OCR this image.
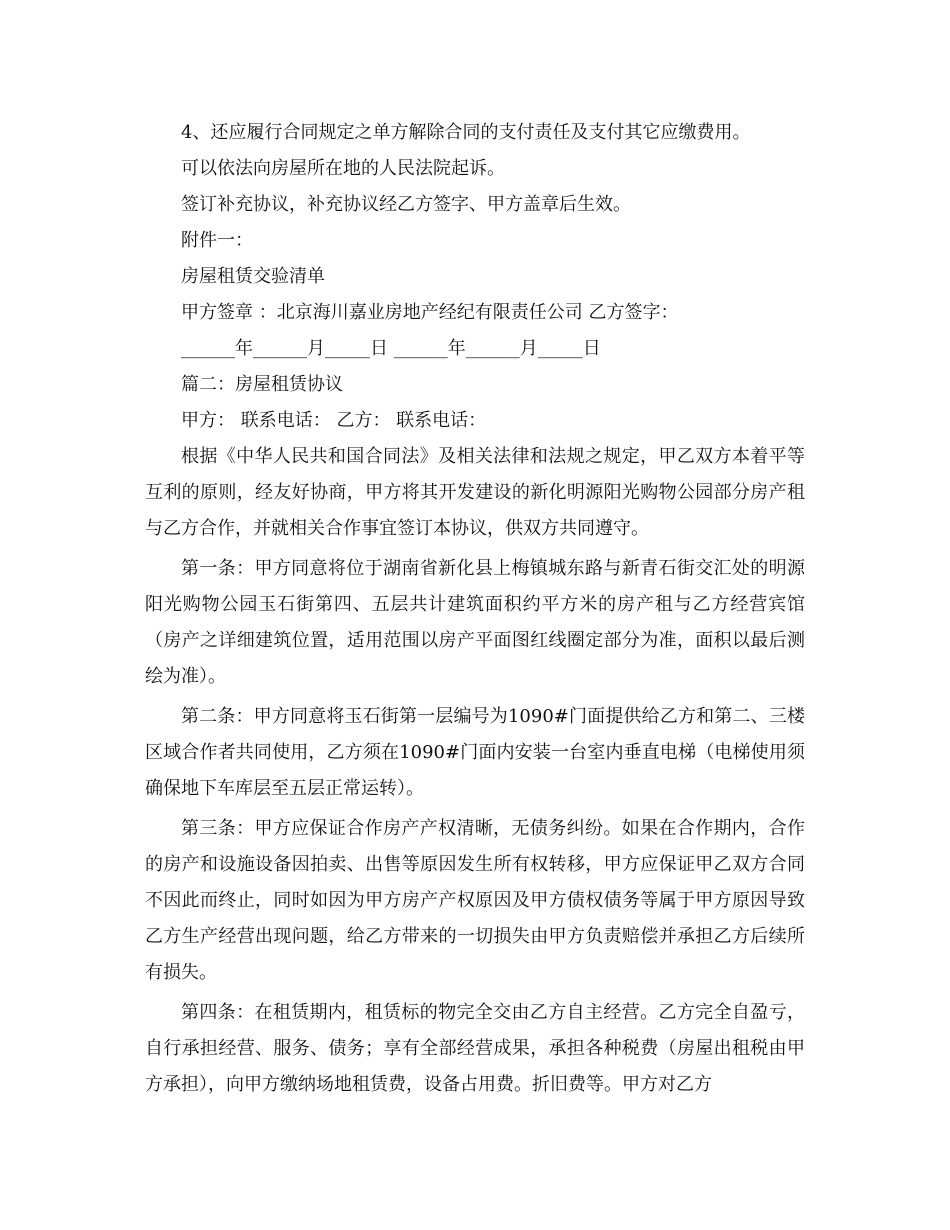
4、还应履行合同规定之单方解除合同的支付责任及支付其它应缴费用。
可以依法向房屋所在地的人民法院起诉。
签订补充协议，补充协议经乙方签字、甲方盖章后生效。
附件一：
房屋租赁交验清单
甲方签章 ：北京海川嘉业房地产经纪有限责任公司 乙方签字：
______年______月_____日 ______年______月_____日
篇二：房屋租赁协议
甲方： 联系电话： 乙方： 联系电话：

根据《中华人民共和国合同法》及相关法律和法规之规定，甲乙双方本着平等互利的原则，经友好协商，甲方将其开发建设的新化明源阳光购物公园部分房产租与乙方合作，并就相关合作事宜签订本协议，供双方共同遵守。

第一条：甲方同意将位于湖南省新化县上梅镇城东路与新青石街交汇处的明源阳光购物公园玉石街第四、五层共计建筑面积约平方米的房产租与乙方经营宾馆（房产之详细建筑位置，适用范围以房产平面图红线圈定部分为准，面积以最后测绘为准）。

第二条：甲方同意将玉石街第一层编号为1090#门面提供给乙方和第二、三楼区域合作者共同使用，乙方须在1090#门面内安装一台室内垂直电梯（电梯使用须确保地下车库层至五层正常运转）。

第三条：甲方应保证合作房产产权清晰，无债务纠纷。如果在合作期内，合作的房产和设施设备因拍卖、出售等原因发生所有权转移，甲方应保证甲乙双方合同不因此而终止，同时如因为甲方房产产权原因及甲方债权债务等属于甲方原因导致乙方生产经营出现问题，给乙方带来的一切损失由甲方负责赔偿并承担乙方后续所有损失。

第四条：在租赁期内，租赁标的物完全交由乙方自主经营。乙方完全自盈亏，自行承担经营、服务、债务；享有全部经营成果，承担各种税费（房屋出租税由甲方承担），向甲方缴纳场地租赁费，设备占用费。折旧费等。甲方对乙方
